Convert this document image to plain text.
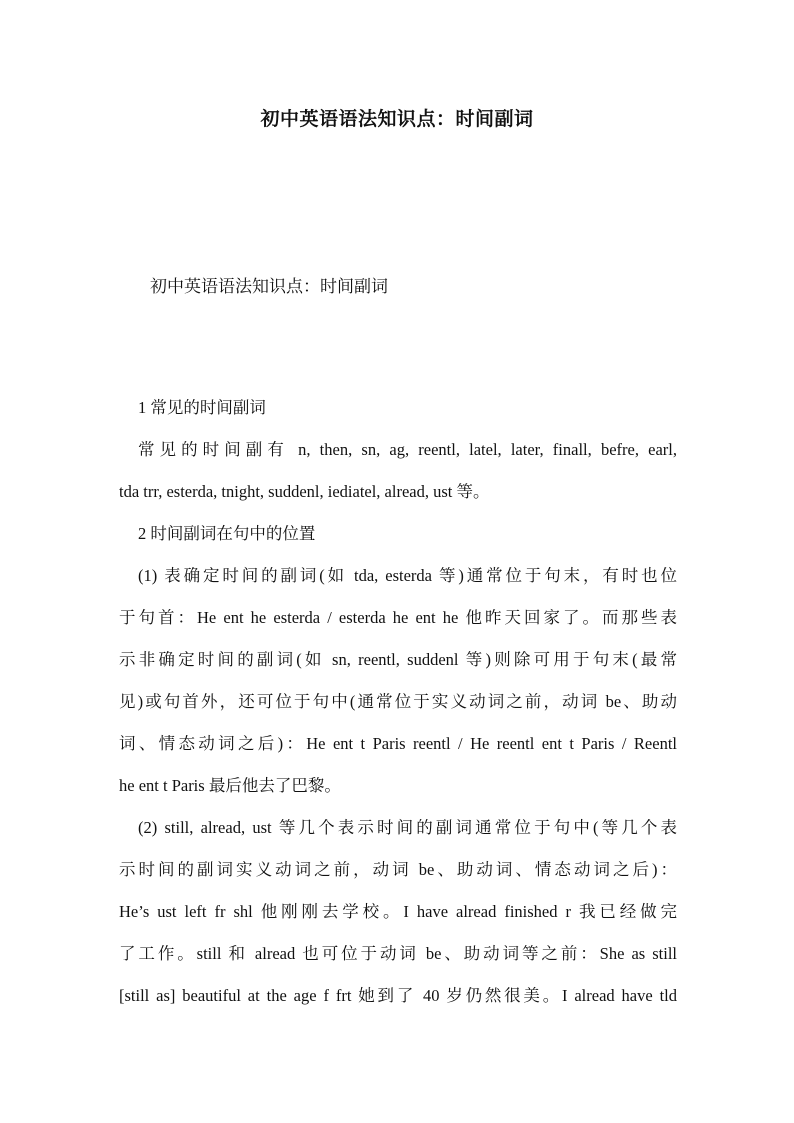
初中英语语法知识点：时间副词
初中英语语法知识点：时间副词
1 常见的时间副词
常见的时间副有 n, then, sn, ag, reentl, latel, later, finall, befre, earl,
tda trr, esterda, tnight, suddenl, iediatel, alread, ust 等。
2 时间副词在句中的位置
(1) 表确定时间的副词(如 tda, esterda 等)通常位于句末，有时也位
于句首：He ent he esterda / esterda he ent he 他昨天回家了。而那些表
示非确定时间的副词(如 sn, reentl, suddenl 等)则除可用于句末(最常
见)或句首外，还可位于句中(通常位于实义动词之前，动词 be、助动
词、情态动词之后)：He ent t Paris reentl / He reentl ent t Paris / Reentl
he ent t Paris 最后他去了巴黎。
(2) still, alread, ust 等几个表示时间的副词通常位于句中(等几个表
示时间的副词实义动词之前，动词 be、助动词、情态动词之后)：
He’s ust left fr shl 他刚刚去学校。I have alread finished r 我已经做完
了工作。still 和 alread 也可位于动词 be、助动词等之前：She as still
[still as] beautiful at the age f frt 她到了 40 岁仍然很美。I alread have tld
